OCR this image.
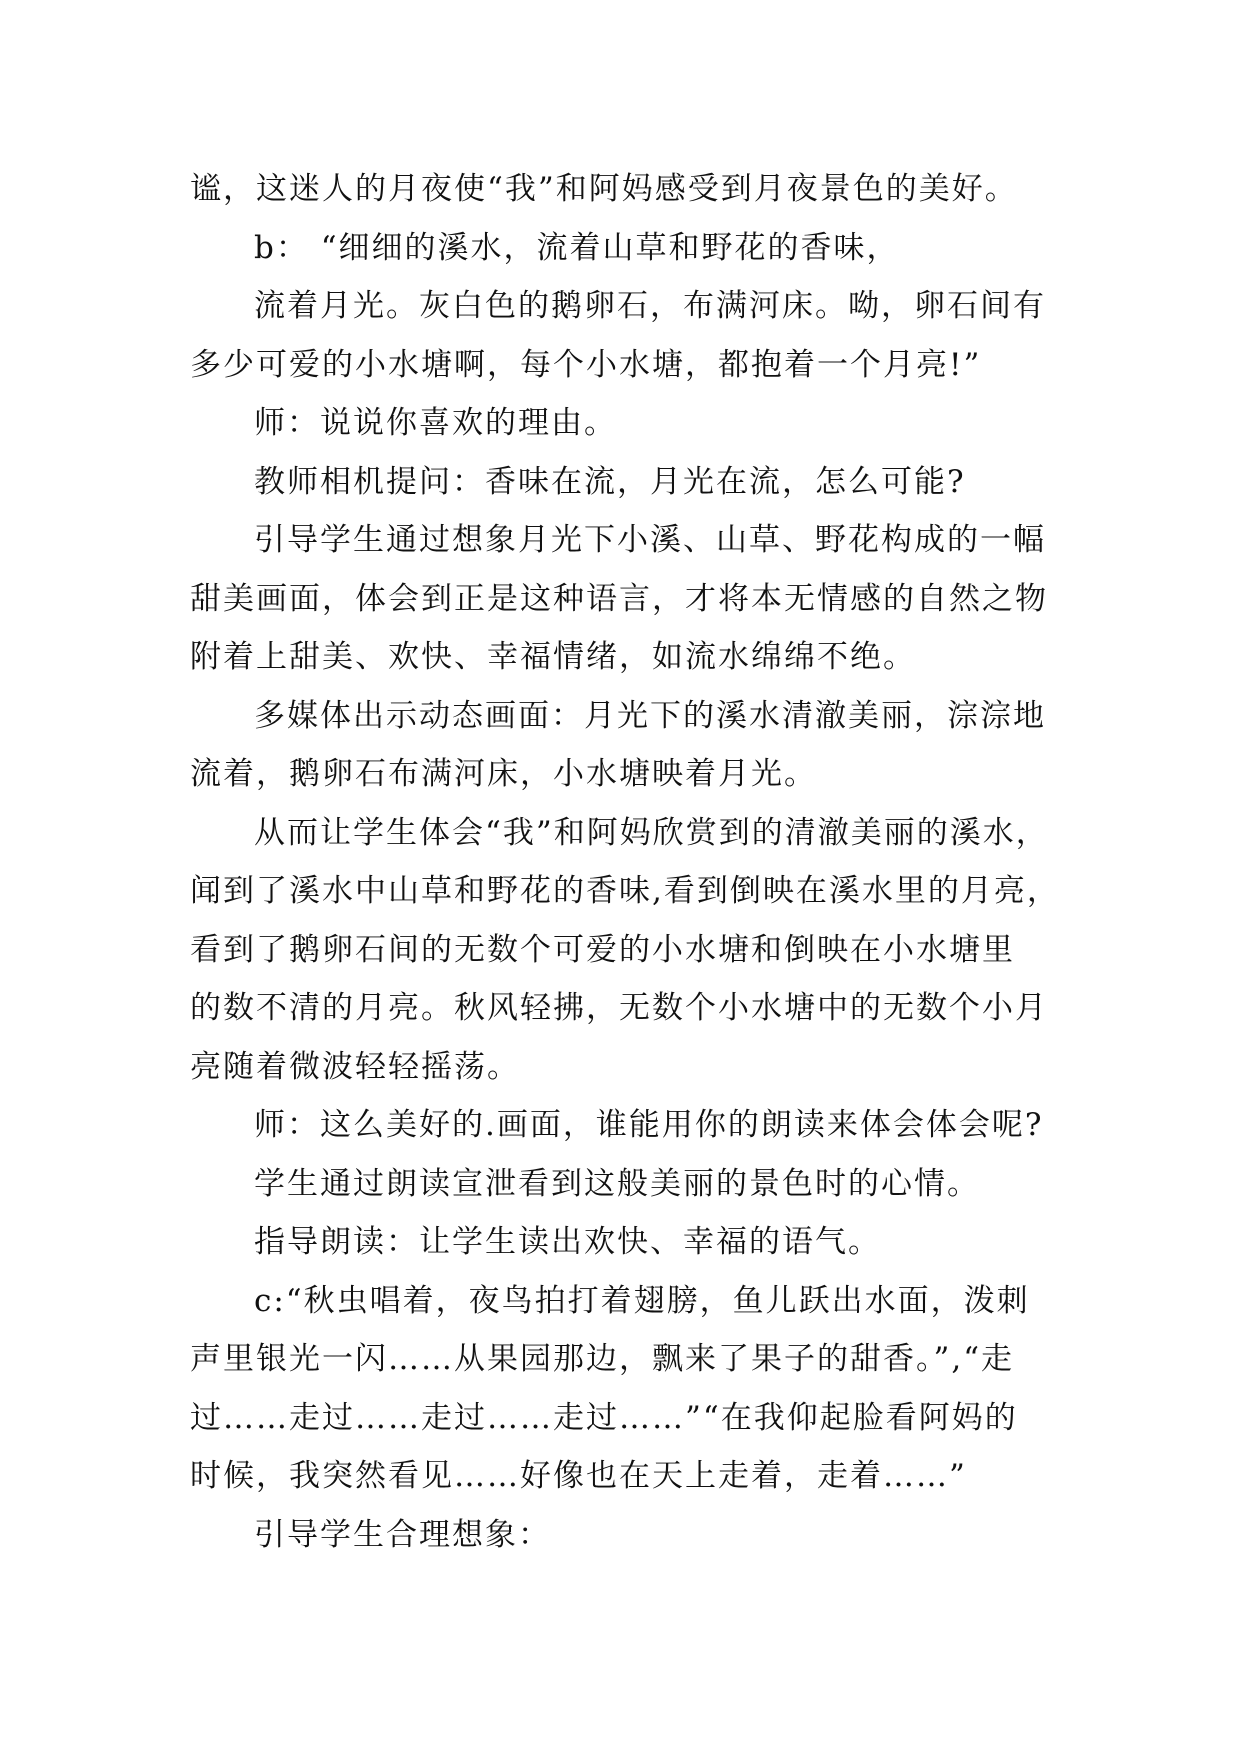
谧，这迷人的月夜使“我”和阿妈感受到月夜景色的美好。
b： “细细的溪水，流着山草和野花的香味，
流着月光。灰白色的鹅卵石，布满河床。呦，卵石间有
多少可爱的小水塘啊，每个小水塘，都抱着一个月亮!”
师：说说你喜欢的理由。
教师相机提问：香味在流，月光在流，怎么可能?
引导学生通过想象月光下小溪、山草、野花构成的一幅
甜美画面，体会到正是这种语言，才将本无情感的自然之物
附着上甜美、欢快、幸福情绪，如流水绵绵不绝。
多媒体出示动态画面：月光下的溪水清澈美丽，淙淙地
流着，鹅卵石布满河床，小水塘映着月光。
从而让学生体会“我”和阿妈欣赏到的清澈美丽的溪水，
闻到了溪水中山草和野花的香味,看到倒映在溪水里的月亮，
看到了鹅卵石间的无数个可爱的小水塘和倒映在小水塘里
的数不清的月亮。秋风轻拂，无数个小水塘中的无数个小月
亮随着微波轻轻摇荡。
师：这么美好的.画面，谁能用你的朗读来体会体会呢?
学生通过朗读宣泄看到这般美丽的景色时的心情。
指导朗读：让学生读出欢快、幸福的语气。
c:“秋虫唱着，夜鸟拍打着翅膀，鱼儿跃出水面，泼刺
声里银光一闪……从果园那边，飘来了果子的甜香。”,“走
过……走过……走过……走过……”“在我仰起脸看阿妈的
时候，我突然看见……好像也在天上走着，走着……”
引导学生合理想象：
